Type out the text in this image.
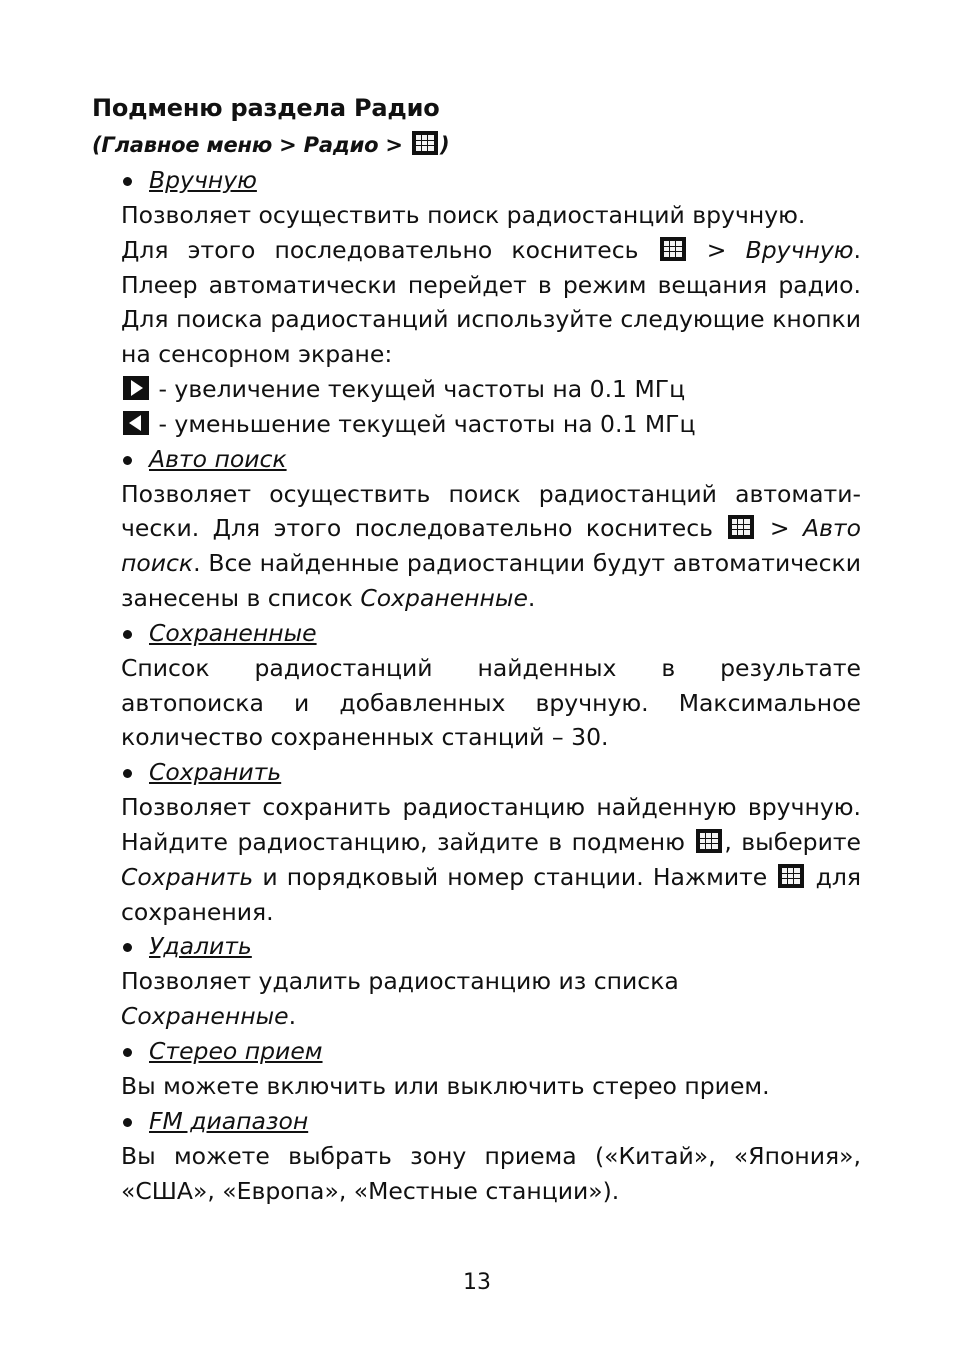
Подменю раздела Радио
(Главное меню > Радио > )
Вручную

Позволяет осуществить поиск радиостанций вручную.

Для этого последовательно коснитесь  > Вручную. Плеер автоматически перейдет в режим вещания радио. Для поиска радиостанций используйте следующие кнопки на сенсорном экране:

- увеличение текущей частоты на 0.1 МГц

- уменьшение текущей частоты на 0.1 МГц

Авто поиск

Позволяет осуществить поиск радиостанций автомати-чески. Для этого последовательно коснитесь  > Авто поиск. Все найденные радиостанции будут автоматически занесены в список Сохраненные.

Сохраненные

Список радиостанций найденных в результате автопоиска и добавленных вручную. Максимальное количество сохраненных станций – 30.

Сохранить

Позволяет сохранить радиостанцию найденную вручную. Найдите радиостанцию, зайдите в подменю , выберите Сохранить и порядковый номер станции. Нажмите  для сохранения.

Удалить

Позволяет удалить радиостанцию из списка Сохраненные.

Стерео прием

Вы можете включить или выключить стерео прием.

FM диапазон

Вы можете выбрать зону приема («Китай», «Япония», «США», «Европа», «Местные станции»).

13
